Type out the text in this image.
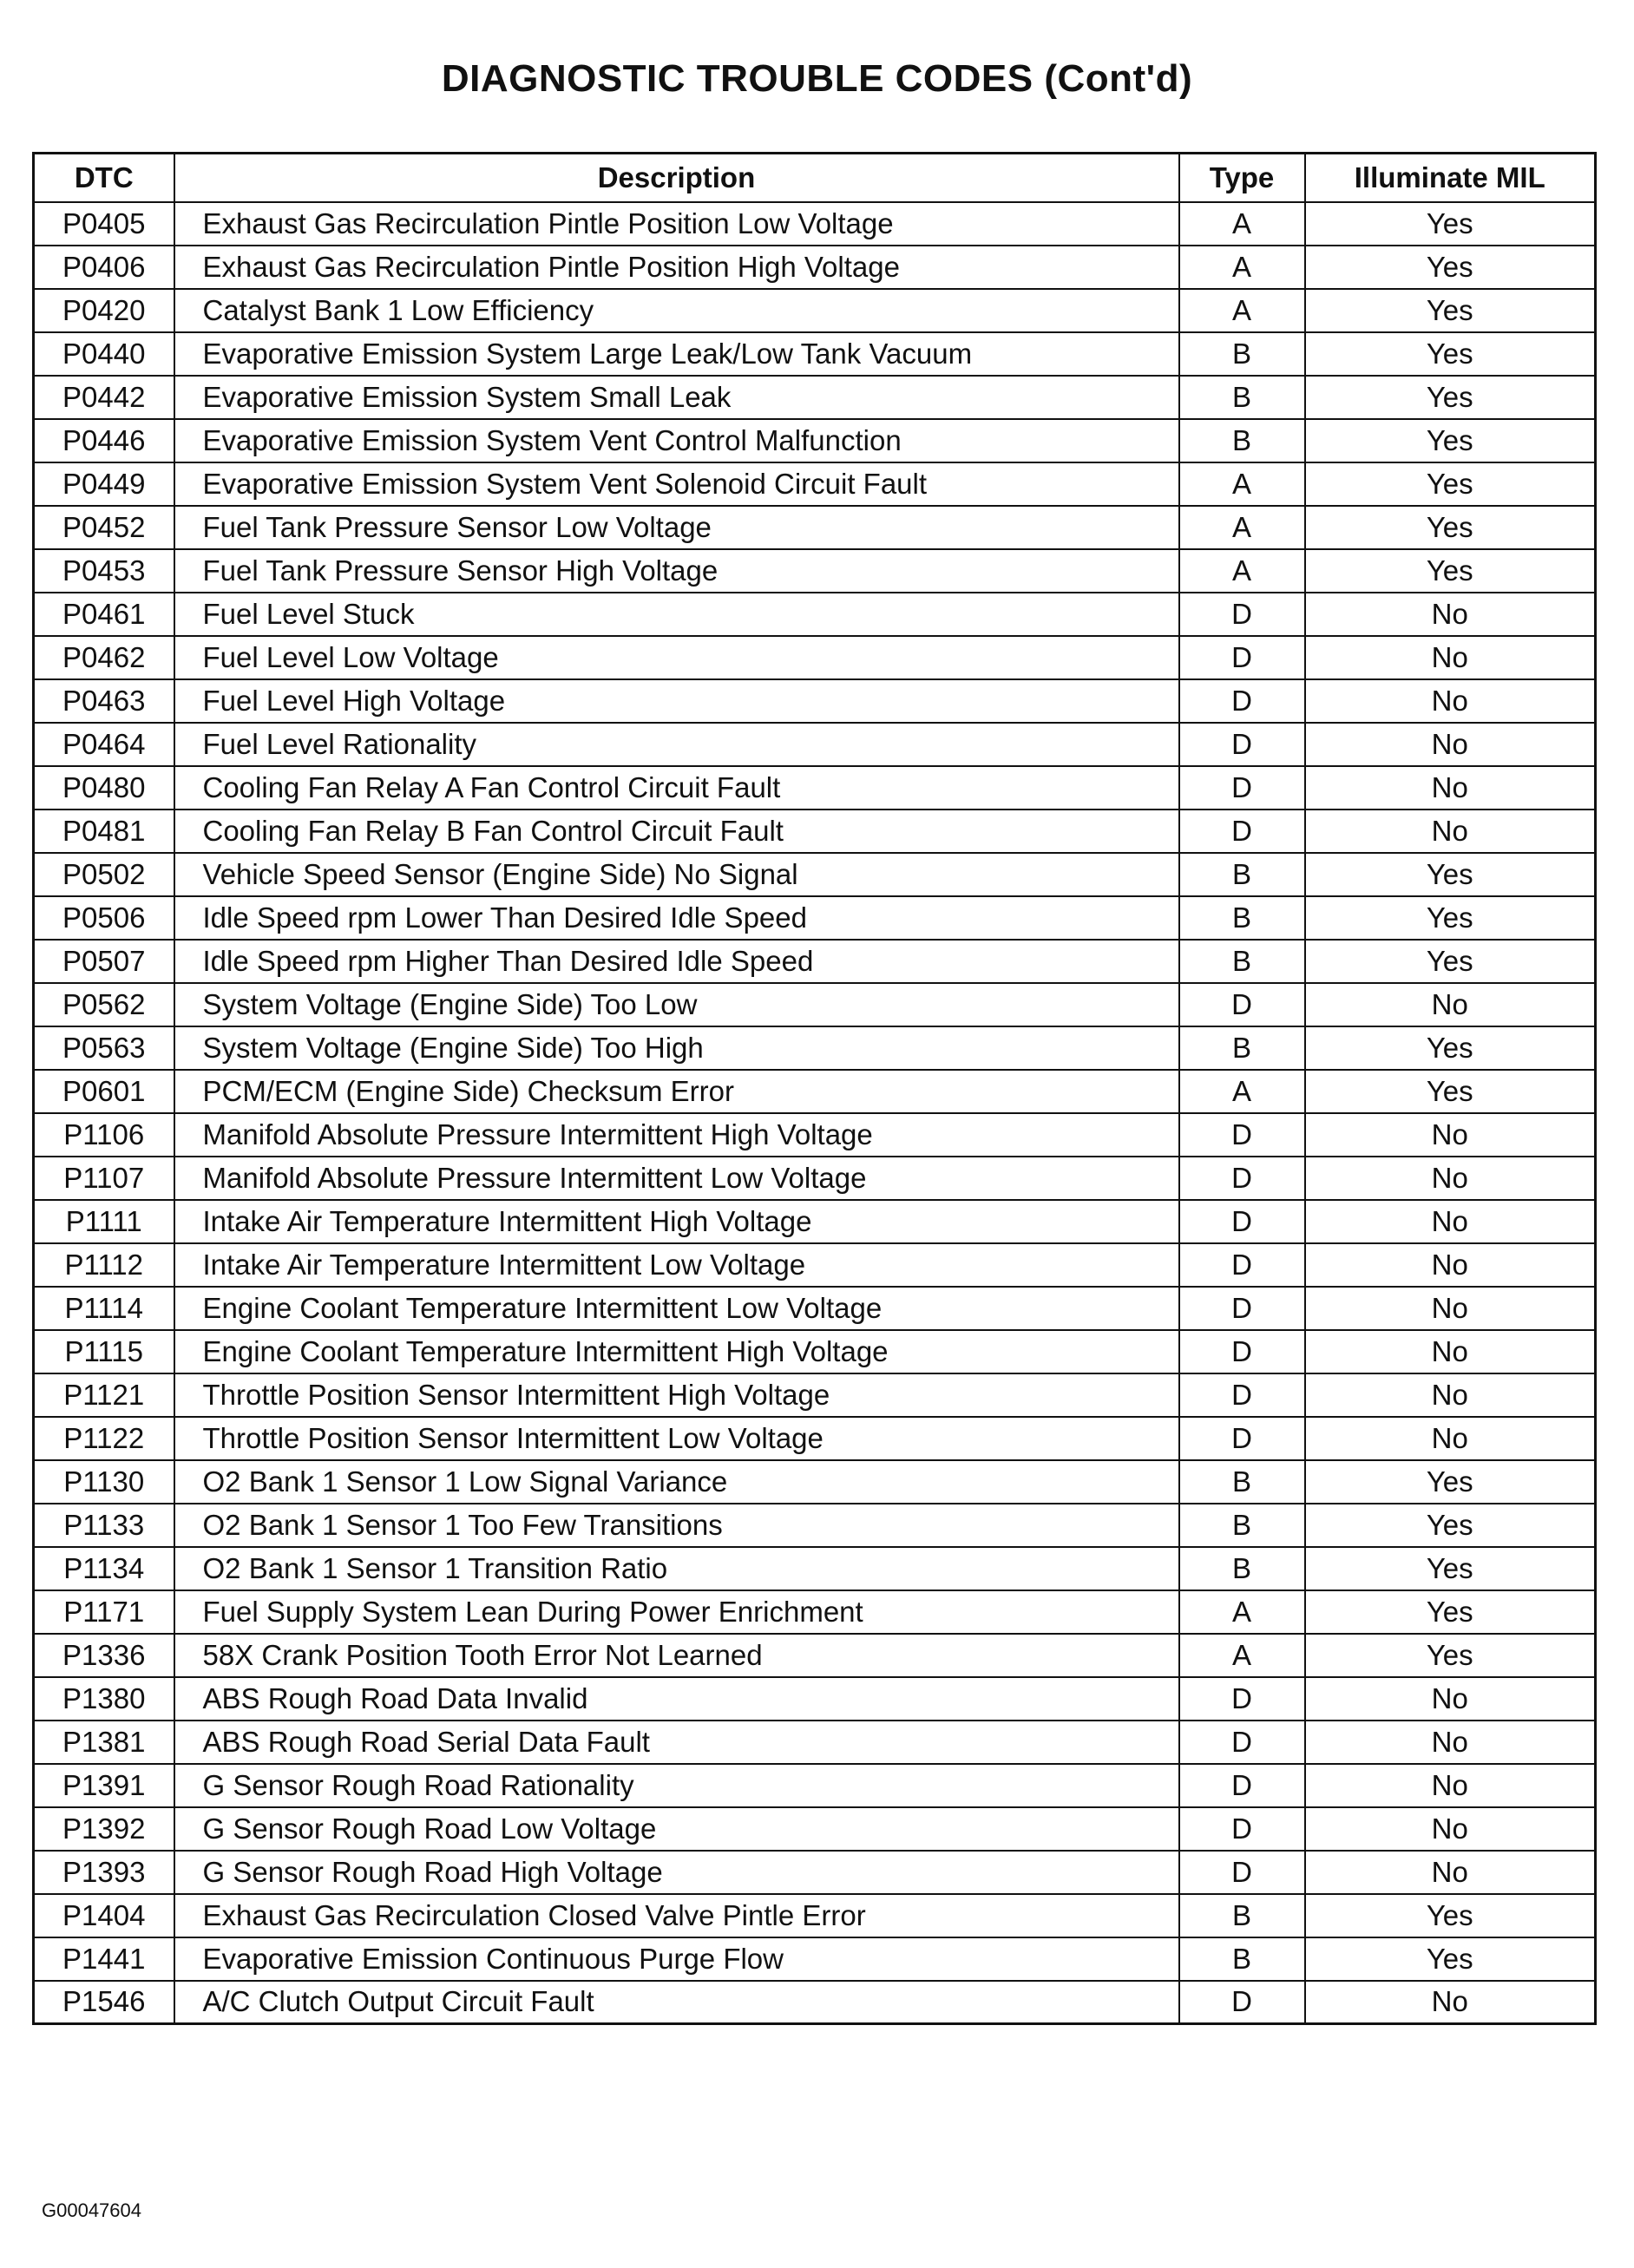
DIAGNOSTIC TROUBLE CODES (Cont'd)
DTC	Description	Type	Illuminate MIL
P0405	Exhaust Gas Recirculation Pintle Position Low Voltage	A	Yes
P0406	Exhaust Gas Recirculation Pintle Position High Voltage	A	Yes
P0420	Catalyst Bank 1 Low Efficiency	A	Yes
P0440	Evaporative Emission System Large Leak/Low Tank Vacuum	B	Yes
P0442	Evaporative Emission System Small Leak	B	Yes
P0446	Evaporative Emission System Vent Control Malfunction	B	Yes
P0449	Evaporative Emission System Vent Solenoid Circuit Fault	A	Yes
P0452	Fuel Tank Pressure Sensor Low Voltage	A	Yes
P0453	Fuel Tank Pressure Sensor High Voltage	A	Yes
P0461	Fuel Level Stuck	D	No
P0462	Fuel Level Low Voltage	D	No
P0463	Fuel Level High Voltage	D	No
P0464	Fuel Level Rationality	D	No
P0480	Cooling Fan Relay A Fan Control Circuit Fault	D	No
P0481	Cooling Fan Relay B Fan Control Circuit Fault	D	No
P0502	Vehicle Speed Sensor (Engine Side) No Signal	B	Yes
P0506	Idle Speed rpm Lower Than Desired Idle Speed	B	Yes
P0507	Idle Speed rpm Higher Than Desired Idle Speed	B	Yes
P0562	System Voltage (Engine Side) Too Low	D	No
P0563	System Voltage (Engine Side) Too High	B	Yes
P0601	PCM/ECM (Engine Side) Checksum Error	A	Yes
P1106	Manifold Absolute Pressure Intermittent High Voltage	D	No
P1107	Manifold Absolute Pressure Intermittent Low Voltage	D	No
P1111	Intake Air Temperature Intermittent High Voltage	D	No
P1112	Intake Air Temperature Intermittent Low Voltage	D	No
P1114	Engine Coolant Temperature Intermittent Low Voltage	D	No
P1115	Engine Coolant Temperature Intermittent High Voltage	D	No
P1121	Throttle Position Sensor Intermittent High Voltage	D	No
P1122	Throttle Position Sensor Intermittent Low Voltage	D	No
P1130	O2 Bank 1 Sensor 1 Low Signal Variance	B	Yes
P1133	O2 Bank 1 Sensor 1 Too Few Transitions	B	Yes
P1134	O2 Bank 1 Sensor 1 Transition Ratio	B	Yes
P1171	Fuel Supply System Lean During Power Enrichment	A	Yes
P1336	58X Crank Position Tooth Error Not Learned	A	Yes
P1380	ABS Rough Road Data Invalid	D	No
P1381	ABS Rough Road Serial Data Fault	D	No
P1391	G Sensor Rough Road Rationality	D	No
P1392	G Sensor Rough Road Low Voltage	D	No
P1393	G Sensor Rough Road High Voltage	D	No
P1404	Exhaust Gas Recirculation Closed Valve Pintle Error	B	Yes
P1441	Evaporative Emission Continuous Purge Flow	B	Yes
P1546	A/C Clutch Output Circuit Fault	D	No
G00047604
